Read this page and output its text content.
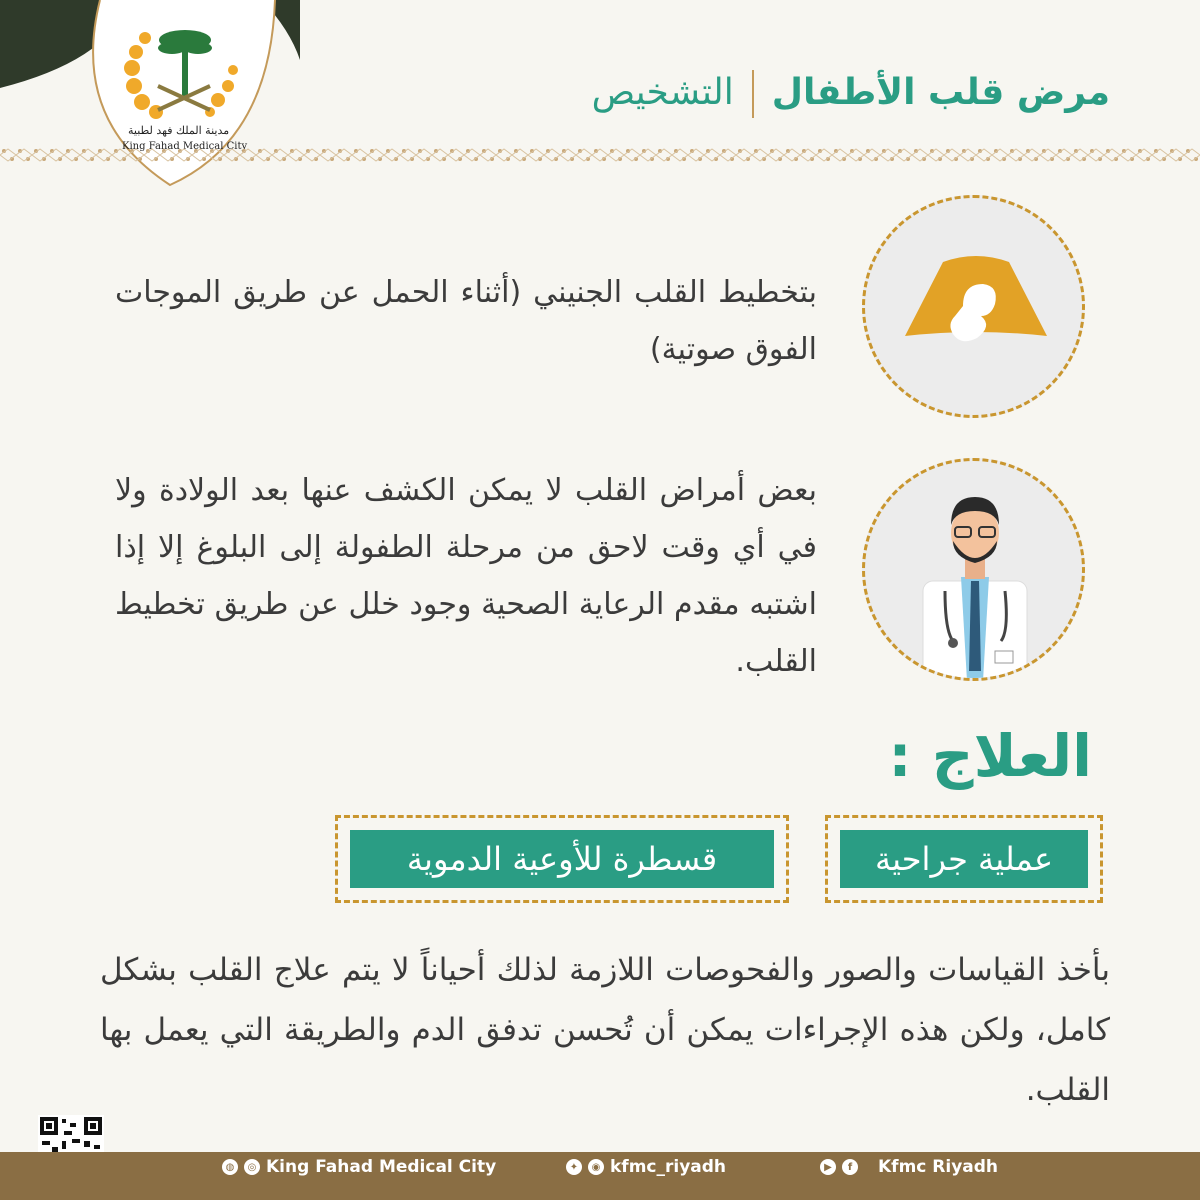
مدينة الملك فهد لطبية
مرض قلب الأطفالالتشخيص
بتخطيط القلب الجنيني (أثناء الحمل عن طريق الموجات الفوق صوتية)
بعض أمراض القلب لا يمكن الكشف عنها بعد الولادة ولا في أي وقت لاحق من مرحلة الطفولة إلى البلوغ إلا إذا اشتبه مقدم الرعاية الصحية وجود خلل عن طريق تخطيط القلب.
العلاج :
عملية جراحية
قسطرة للأوعية الدموية
بأخذ القياسات والصور والفحوصات اللازمة لذلك أحياناً لا يتم علاج القلب بشكل كامل، ولكن هذه الإجراءات يمكن أن تُحسن تدفق الدم والطريقة التي يعمل بها القلب.
◍	◎ King Fahad Medical City	✦	◉ kfmc_riyadh	▶	f	Kfmc Riyadh
